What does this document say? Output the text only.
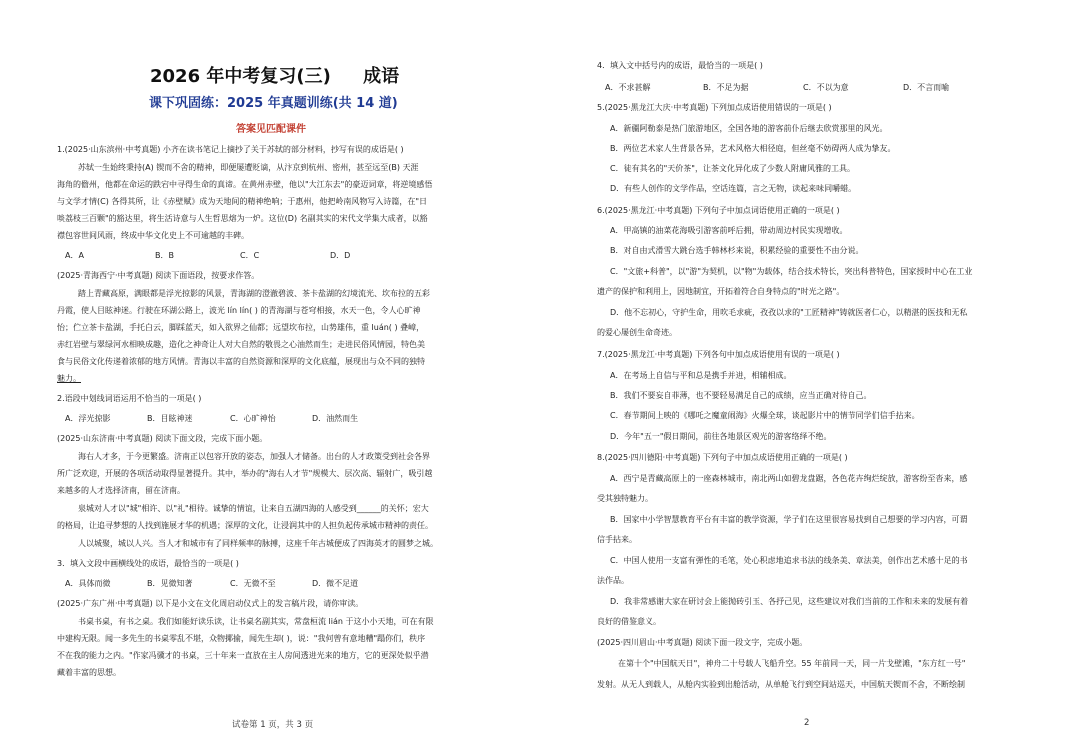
2026 年中考复习(三) 成语
课下巩固练：2025 年真题训练(共 14 道)
答案见匹配课件
1.(2025·山东滨州·中考真题) 小齐在读书笔记上摘抄了关于苏轼的部分材料，抄写有误的成语是( )
苏轼一生始终秉持(A) 锲而不舍的精神，即便屡遭贬谪，从汴京到杭州、密州，甚至远至(B) 天涯
海角的儋州，他都在命运的跌宕中寻得生命的真谛。在黄州赤壁，他以"大江东去"的豪迈词章，将逆境感悟
与文学才情(C) 各得其所，让《赤壁赋》成为天地间的精神绝响；于惠州，他把岭南风物写入诗篇，在"日
啖荔枝三百颗"的豁达里，将生活诗意与人生哲思熔为一炉。这位(D) 名副其实的宋代文学集大成者，以豁
襟包容世间风雨，终成中华文化史上不可逾越的丰碑。
A．A	B．B	C．C	D．D
(2025·青海西宁·中考真题) 阅读下面语段，按要求作答。
踏上青藏高原，满眼都是浮光掠影的风景，青海湖的澄澈碧波、茶卡盐湖的幻境流光、坎布拉的五彩
丹霞，使人目眩神迷。行驶在环湖公路上，波光 lín lín( ) 的青海湖与苍穹相接，水天一色，令人心旷神
怡；伫立茶卡盐湖，手托白云，脚踩蓝天，如入欲界之仙都；远望坎布拉，山势雄伟，重 luán( ) 叠嶂，
赤红岩壁与翠绿河水相映成趣，造化之神奇让人对大自然的敬畏之心油然而生；走进民俗风情园，特色美
食与民俗文化传递着浓郁的地方风情。青海以丰富的自然资源和深厚的文化底蕴，展现出与众不同的独特
魅力。
2.语段中划线词语运用不恰当的一项是( )
A．浮光掠影	B．目眩神迷	C．心旷神怡	D．油然而生
(2025·山东济南·中考真题) 阅读下面文段，完成下面小题。
海右人才多，于今更繁盛。济南正以包容开放的姿态，加强人才储备。出台的人才政策受到社会各界
所广泛欢迎，开展的各项活动取得显著提升。其中，举办的"海右人才节"规模大、层次高、辐射广，吸引越
来越多的人才选择济南，留在济南。
泉城对人才以"城"相许、以"礼"相待。诚挚的情谊，让来自五湖四海的人感受到______的关怀；宏大
的格局，让追寻梦想的人找到施展才华的机遇；深厚的文化，让浸润其中的人担负起传承城市精神的责任。
人以城聚，城以人兴。当人才和城市有了同样频率的脉搏，这座千年古城便成了四海英才的圆梦之城。
3．填入文段中画横线处的成语，最恰当的一项是( )
A．具体而微	B．见微知著	C．无微不至	D．微不足道
(2025·广东广州·中考真题) 以下是小文在文化周启动仪式上的发言稿片段，请你审读。
书桌书桌，有书之桌。我们如能好读乐读，让书桌名副其实，常盘桓流 lián 于这小小天地，可在有限
中建构无限。闻一多先生的书桌零乱不堪，众物揶揄，闻先生却( )，说："我何曾有意地糟"蹋你们，秩序
不在我的能力之内。"作家冯骥才的书桌，三十年来一直放在主人房间透进光来的地方，它的更深处似乎潜
藏着丰富的思想。
试卷第 1 页，共 3 页
4．填入文中括号内的成语，最恰当的一项是( )
A．不求甚解	B．不足为据	C．不以为意	D．不言而喻
5.(2025·黑龙江大庆·中考真题) 下列加点成语使用错误的一项是( )
A．新疆阿勒泰是热门旅游地区，全国各地的游客前仆后继去欣赏那里的风光。
B．两位艺术家人生背景各异，艺术风格大相径庭，但丝毫不妨碍两人成为挚友。
C．徒有其名的"天价茶"，让茶文化异化成了少数人附庸风雅的工具。
D．有些人创作的文学作品，空话连篇，言之无物，读起来味同嚼蜡。
6.(2025·黑龙江·中考真题) 下列句子中加点词语使用正确的一项是( )
A．甲高镇的油菜花海吸引游客前呼后拥，带动周边村民实现增收。
B．对自由式滑雪大跳台选手韩林杉来说，积累经验的重要性不由分说。
C．"文旅+科普"，以"游"为契机，以"物"为载体，结合技术特长，突出科普特色，国家授时中心在工业
遗产的保护和利用上，因地制宜，开拓着符合自身特点的"时光之路"。
D．他不忘初心，守护生命，用吹毛求疵，孜孜以求的"工匠精神"铸就医者仁心，以精湛的医技和无私
的爱心屡创生命奇迹。
7.(2025·黑龙江·中考真题) 下列各句中加点成语使用有误的一项是( )
A．在考场上自信与平和总是携手并进，相辅相成。
B．我们不要妄自菲薄，也不要轻易满足自己的成绩，应当正确对待自己。
C．春节期间上映的《哪吒之魔童闹海》火爆全球，谈起影片中的情节同学们信手拈来。
D．今年"五一"假日期间，前往各地景区观光的游客络绎不绝。
8.(2025·四川德阳·中考真题) 下列句子中加点成语使用正确的一项是( )
A．西宁是青藏高原上的一座森林城市，南北两山如碧龙盘踞，各色花卉绚烂绽放，游客纷至沓来，感
受其独特魅力。
B．国家中小学智慧教育平台有丰富的教学资源，学子们在这里很容易找到自己想要的学习内容，可谓
信手拈来。
C．中国人使用一支富有弹性的毛笔，处心积虑地追求书法的线条美、章法美，创作出艺术感十足的书
法作品。
D．我非常感谢大家在研讨会上能抛砖引玉、各抒己见，这些建议对我们当前的工作和未来的发展有着
良好的借鉴意义。
(2025·四川眉山·中考真题) 阅读下面一段文字，完成小题。
在第十个"中国航天日"，神舟二十号载人飞船升空。55 年前同一天，同一片戈壁滩，"东方红一号"
发射。从无人到载人，从舱内实验到出舱活动，从单舱飞行到空间站巡天，中国航天锲而不舍，不断绘制
2
